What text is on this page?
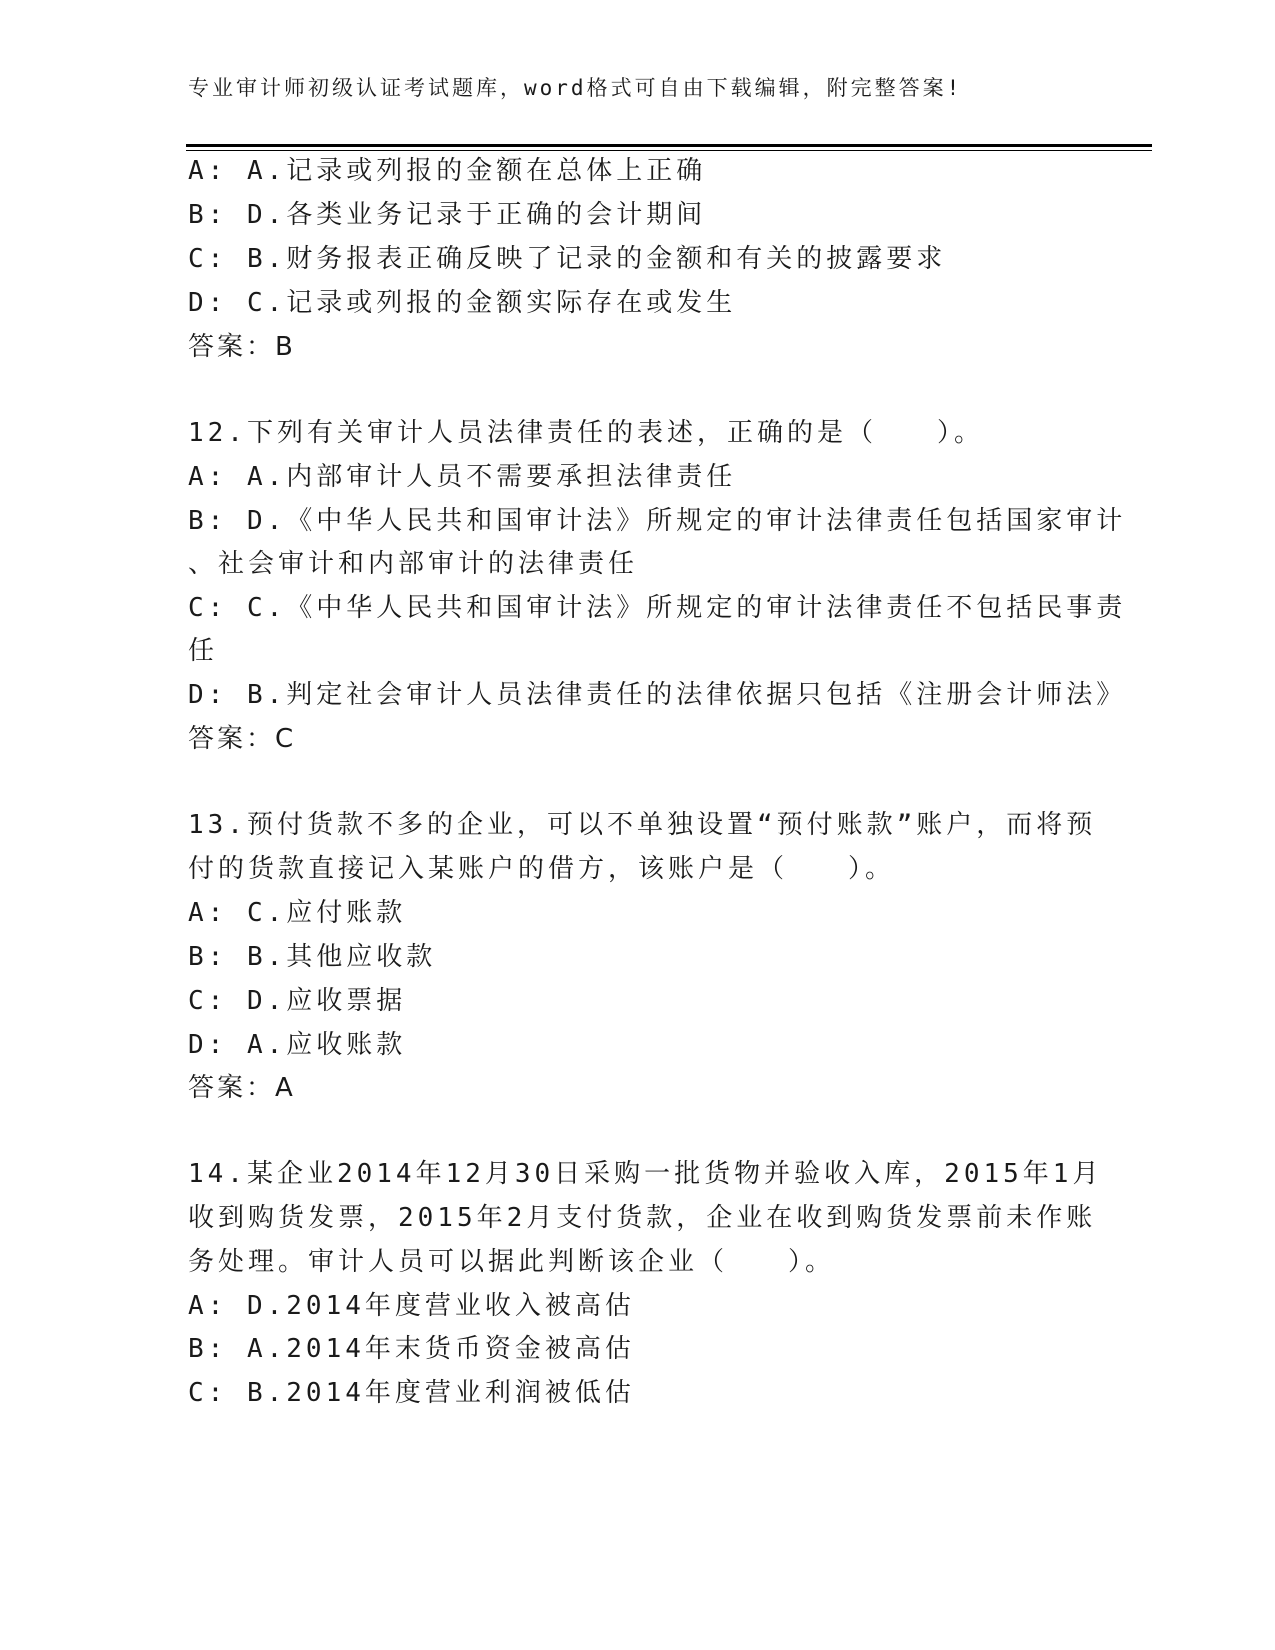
专业审计师初级认证考试题库，word格式可自由下载编辑，附完整答案!
A: A.记录或列报的金额在总体上正确
B: D.各类业务记录于正确的会计期间
C: B.财务报表正确反映了记录的金额和有关的披露要求
D: C.记录或列报的金额实际存在或发生
答案：B
12.下列有关审计人员法律责任的表述，正确的是（　　）。
A: A.内部审计人员不需要承担法律责任
B: D.《中华人民共和国审计法》所规定的审计法律责任包括国家审计
、社会审计和内部审计的法律责任
C: C.《中华人民共和国审计法》所规定的审计法律责任不包括民事责
任
D: B.判定社会审计人员法律责任的法律依据只包括《注册会计师法》
答案：C
13.预付货款不多的企业，可以不单独设置“预付账款”账户，而将预
付的货款直接记入某账户的借方，该账户是（　　）。
A: C.应付账款
B: B.其他应收款
C: D.应收票据
D: A.应收账款
答案：A
14.某企业2014年12月30日采购一批货物并验收入库，2015年1月
收到购货发票，2015年2月支付货款，企业在收到购货发票前未作账
务处理。审计人员可以据此判断该企业（　　）。
A: D.2014年度营业收入被高估
B: A.2014年末货币资金被高估
C: B.2014年度营业利润被低估
